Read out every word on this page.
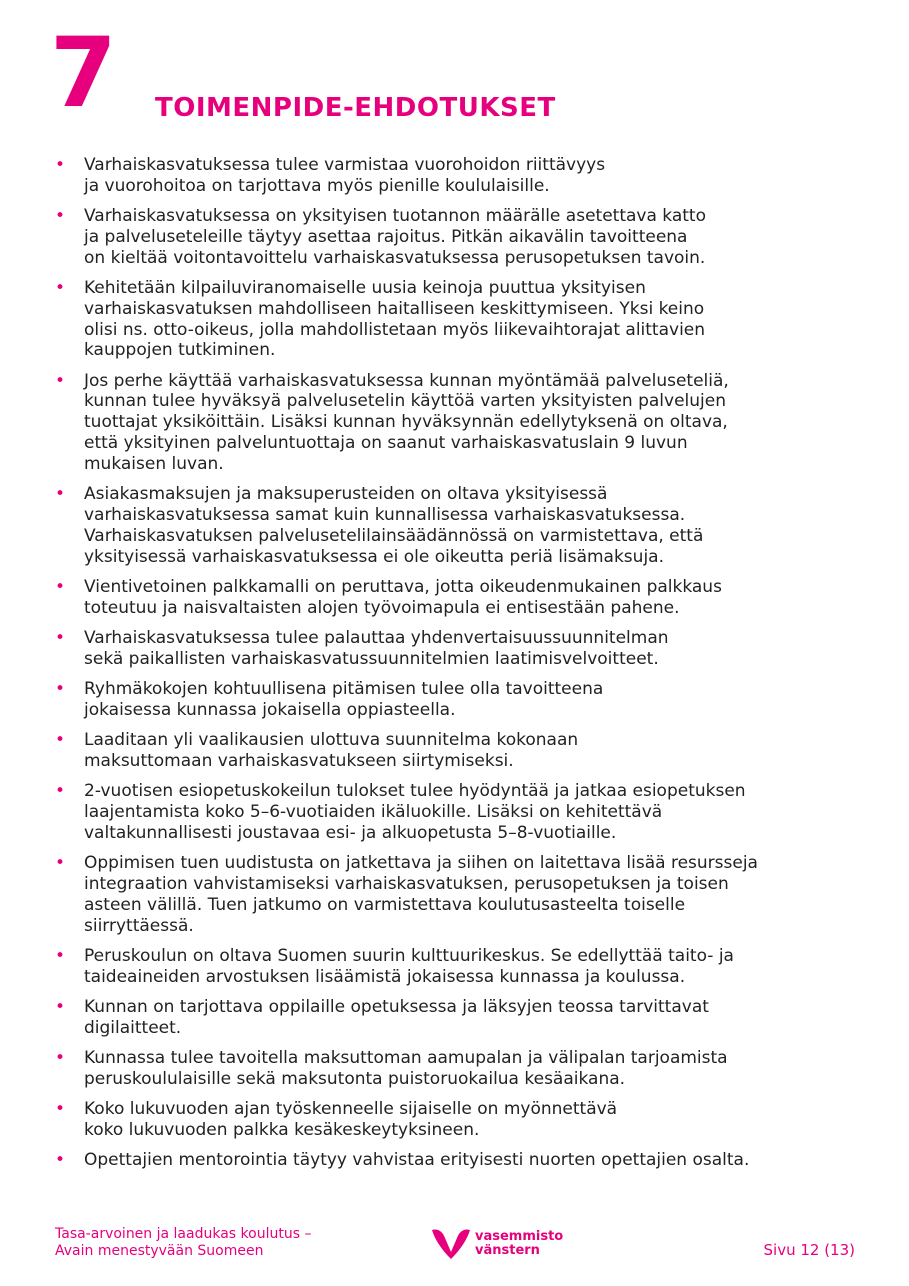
7 TOIMENPIDE-EHDOTUKSET
• Varhaiskasvatuksessa tulee varmistaa vuorohoidon riittävyys
ja vuorohoitoa on tarjottava myös pienille koululaisille.
• Varhaiskasvatuksessa on yksityisen tuotannon määrälle asetettava katto
ja palveluseteleille täytyy asettaa rajoitus. Pitkän aikavälin tavoitteena
on kieltää voitontavoittelu varhaiskasvatuksessa perusopetuksen tavoin.
• Kehitetään kilpailuviranomaiselle uusia keinoja puuttua yksityisen
varhaiskasvatuksen mahdolliseen haitalliseen keskittymiseen. Yksi keino
olisi ns. otto-oikeus, jolla mahdollistetaan myös liikevaihtorajat alittavien
kauppojen tutkiminen.
• Jos perhe käyttää varhaiskasvatuksessa kunnan myöntämää palveluseteliä,
kunnan tulee hyväksyä palvelusetelin käyttöä varten yksityisten palvelujen
tuottajat yksiköittäin. Lisäksi kunnan hyväksynnän edellytyksenä on oltava,
että yksityinen palveluntuottaja on saanut varhaiskasvatuslain 9 luvun
mukaisen luvan.
• Asiakasmaksujen ja maksuperusteiden on oltava yksityisessä
varhaiskasvatuksessa samat kuin kunnallisessa varhaiskasvatuksessa.
Varhaiskasvatuksen palvelusetelilainsäädännössä on varmistettava, että
yksityisessä varhaiskasvatuksessa ei ole oikeutta periä lisämaksuja.
• Vientivetoinen palkkamalli on peruttava, jotta oikeudenmukainen palkkaus
toteutuu ja naisvaltaisten alojen työvoimapula ei entisestään pahene.
• Varhaiskasvatuksessa tulee palauttaa yhdenvertaisuussuunnitelman
sekä paikallisten varhaiskasvatussuunnitelmien laatimisvelvoitteet.
• Ryhmäkokojen kohtuullisena pitämisen tulee olla tavoitteena
jokaisessa kunnassa jokaisella oppiasteella.
• Laaditaan yli vaalikausien ulottuva suunnitelma kokonaan
maksuttomaan varhaiskasvatukseen siirtymiseksi.
• 2-vuotisen esiopetuskokeilun tulokset tulee hyödyntää ja jatkaa esiopetuksen
laajentamista koko 5–6-vuotiaiden ikäluokille. Lisäksi on kehitettävä
valtakunnallisesti joustavaa esi- ja alkuopetusta 5–8-vuotiaille.
• Oppimisen tuen uudistusta on jatkettava ja siihen on laitettava lisää resursseja
integraation vahvistamiseksi varhaiskasvatuksen, perusopetuksen ja toisen
asteen välillä. Tuen jatkumo on varmistettava koulutusasteelta toiselle
siirryttäessä.
• Peruskoulun on oltava Suomen suurin kulttuurikeskus. Se edellyttää taito- ja
taideaineiden arvostuksen lisäämistä jokaisessa kunnassa ja koulussa.
• Kunnan on tarjottava oppilaille opetuksessa ja läksyjen teossa tarvittavat
digilaitteet.
• Kunnassa tulee tavoitella maksuttoman aamupalan ja välipalan tarjoamista
peruskoululaisille sekä maksutonta puistoruokailua kesäaikana.
• Koko lukuvuoden ajan työskenneelle sijaiselle on myönnettävä
koko lukuvuoden palkka kesäkeskeytyksineen.
• Opettajien mentorointia täytyy vahvistaa erityisesti nuorten opettajien osalta.
Tasa-arvoinen ja laadukas koulutus –
Avain menestyvään Suomeen
vasemmisto
vänstern	Sivu 12 (13)
